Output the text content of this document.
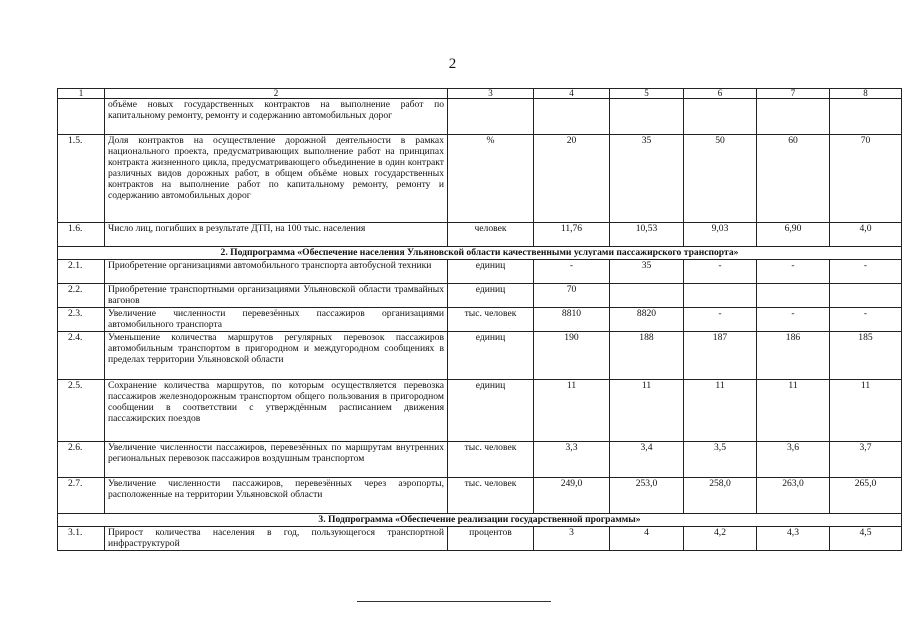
2
1	2	3	4	5	6	7	8
	объёме новых государственных контрактов на выполнение работ по капитальному ремонту, ремонту и содержанию автомобильных дорог						
1.5.	Доля контрактов на осуществление дорожной деятельности в рамках национального проекта, предусматривающих выполнение работ на принципах контракта жизненного цикла, предусматривающего объединение в один контракт различных видов дорожных работ, в общем объёме новых государственных контрактов на выполнение работ по капитальному ремонту, ремонту и содержанию автомобильных дорог	%	20	35	50	60	70
1.6.	Число лиц, погибших в результате ДТП, на 100 тыс. населения	человек	11,76	10,53	9,03	6,90	4,0
2. Подпрограмма «Обеспечение населения Ульяновской области качественными услугами пассажирского транспорта»							
2.1.	Приобретение организациями автомобильного транспорта автобусной техники	единиц	-	35	-	-	-
2.2.	Приобретение транспортными организациями Ульяновской области трамвайных вагонов	единиц	70				
2.3.	Увеличение численности перевезённых пассажиров организациями автомобильного транспорта	тыс. человек	8810	8820	-	-	-
2.4.	Уменьшение количества маршрутов регулярных перевозок пассажиров автомобильным транспортом в пригородном и междугородном сообщениях в пределах территории Ульяновской области	единиц	190	188	187	186	185
2.5.	Сохранение количества маршрутов, по которым осуществляется перевозка пассажиров железнодорожным транспортом общего пользования в пригородном сообщении в соответствии с утверждённым расписанием движения пассажирских поездов	единиц	11	11	11	11	11
2.6.	Увеличение численности пассажиров, перевезённых по маршрутам внутренних региональных перевозок пассажиров воздушным транспортом	тыс. человек	3,3	3,4	3,5	3,6	3,7
2.7.	Увеличение численности пассажиров, перевезённых через аэропорты, расположенные на территории Ульяновской области	тыс. человек	249,0	253,0	258,0	263,0	265,0
3. Подпрограмма «Обеспечение реализации государственной программы»							
3.1.	Прирост количества населения в год, пользующегося транспортной инфраструктурой	процентов	3	4	4,2	4,3	4,5
